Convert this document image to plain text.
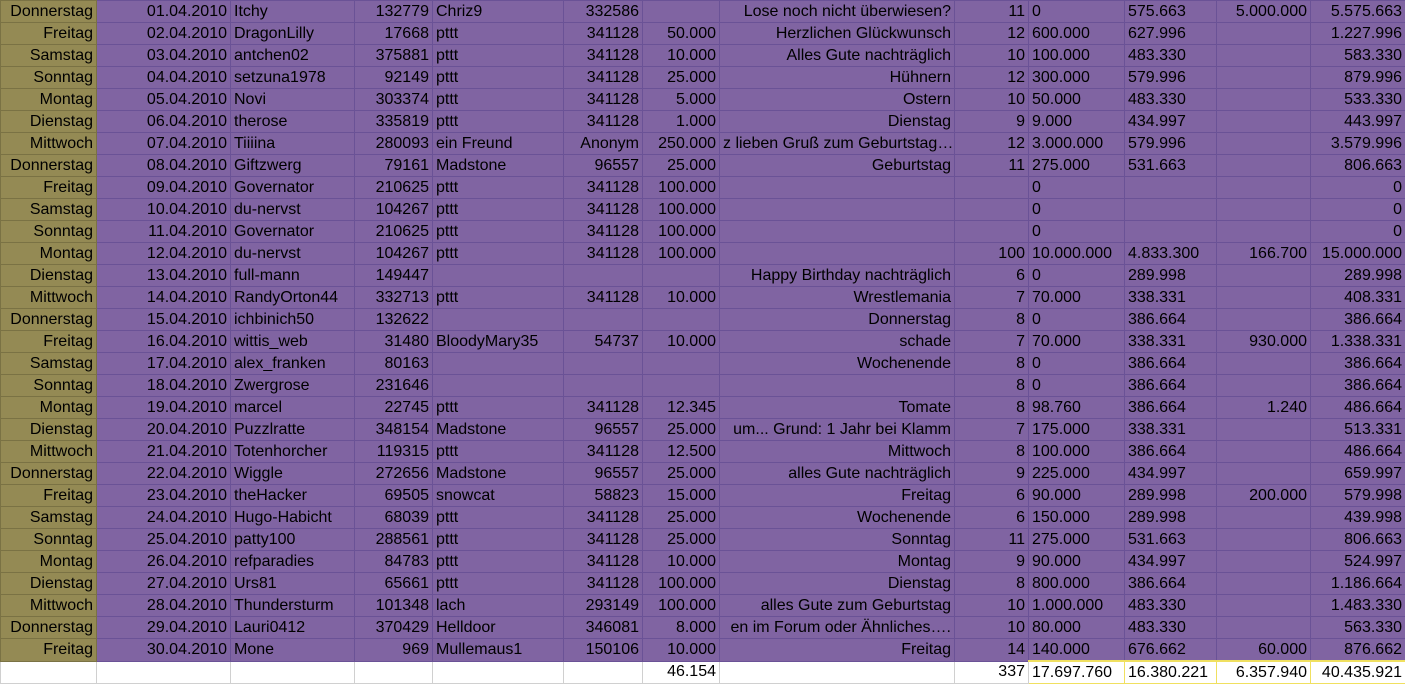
Donnerstag	01.04.2010	Itchy	132779	Chriz9	332586		Lose noch nicht überwiesen?	11	0	575.663	5.000.000	5.575.663
Freitag	02.04.2010	DragonLilly	17668	pttt	341128	50.000	Herzlichen Glückwunsch	12	600.000	627.996		1.227.996
Samstag	03.04.2010	antchen02	375881	pttt	341128	10.000	Alles Gute nachträglich	10	100.000	483.330		583.330
Sonntag	04.04.2010	setzuna1978	92149	pttt	341128	25.000	Hühnern	12	300.000	579.996		879.996
Montag	05.04.2010	Novi	303374	pttt	341128	5.000	Ostern	10	50.000	483.330		533.330
Dienstag	06.04.2010	therose	335819	pttt	341128	1.000	Dienstag	9	9.000	434.997		443.997
Mittwoch	07.04.2010	Tiiiina	280093	ein Freund	Anonym	250.000	z lieben Gruß zum Geburtstag…	12	3.000.000	579.996		3.579.996
Donnerstag	08.04.2010	Giftzwerg	79161	Madstone	96557	25.000	Geburtstag	11	275.000	531.663		806.663
Freitag	09.04.2010	Governator	210625	pttt	341128	100.000			0			0
Samstag	10.04.2010	du-nervst	104267	pttt	341128	100.000			0			0
Sonntag	11.04.2010	Governator	210625	pttt	341128	100.000			0			0
Montag	12.04.2010	du-nervst	104267	pttt	341128	100.000		100	10.000.000	4.833.300	166.700	15.000.000
Dienstag	13.04.2010	full-mann	149447				Happy Birthday nachträglich	6	0	289.998		289.998
Mittwoch	14.04.2010	RandyOrton44	332713	pttt	341128	10.000	Wrestlemania	7	70.000	338.331		408.331
Donnerstag	15.04.2010	ichbinich50	132622				Donnerstag	8	0	386.664		386.664
Freitag	16.04.2010	wittis_web	31480	BloodyMary35	54737	10.000	schade	7	70.000	338.331	930.000	1.338.331
Samstag	17.04.2010	alex_franken	80163				Wochenende	8	0	386.664		386.664
Sonntag	18.04.2010	Zwergrose	231646					8	0	386.664		386.664
Montag	19.04.2010	marcel	22745	pttt	341128	12.345	Tomate	8	98.760	386.664	1.240	486.664
Dienstag	20.04.2010	Puzzlratte	348154	Madstone	96557	25.000	um... Grund: 1 Jahr bei Klamm	7	175.000	338.331		513.331
Mittwoch	21.04.2010	Totenhorcher	119315	pttt	341128	12.500	Mittwoch	8	100.000	386.664		486.664
Donnerstag	22.04.2010	Wiggle	272656	Madstone	96557	25.000	alles Gute nachträglich	9	225.000	434.997		659.997
Freitag	23.04.2010	theHacker	69505	snowcat	58823	15.000	Freitag	6	90.000	289.998	200.000	579.998
Samstag	24.04.2010	Hugo-Habicht	68039	pttt	341128	25.000	Wochenende	6	150.000	289.998		439.998
Sonntag	25.04.2010	patty100	288561	pttt	341128	25.000	Sonntag	11	275.000	531.663		806.663
Montag	26.04.2010	refparadies	84783	pttt	341128	10.000	Montag	9	90.000	434.997		524.997
Dienstag	27.04.2010	Urs81	65661	pttt	341128	100.000	Dienstag	8	800.000	386.664		1.186.664
Mittwoch	28.04.2010	Thundersturm	101348	lach	293149	100.000	alles Gute zum Geburtstag	10	1.000.000	483.330		1.483.330
Donnerstag	29.04.2010	Lauri0412	370429	Helldoor	346081	8.000	en im Forum oder Ähnliches….	10	80.000	483.330		563.330
Freitag	30.04.2010	Mone	969	Mullemaus1	150106	10.000	Freitag	14	140.000	676.662	60.000	876.662
						46.154		337	17.697.760	16.380.221	6.357.940	40.435.921
